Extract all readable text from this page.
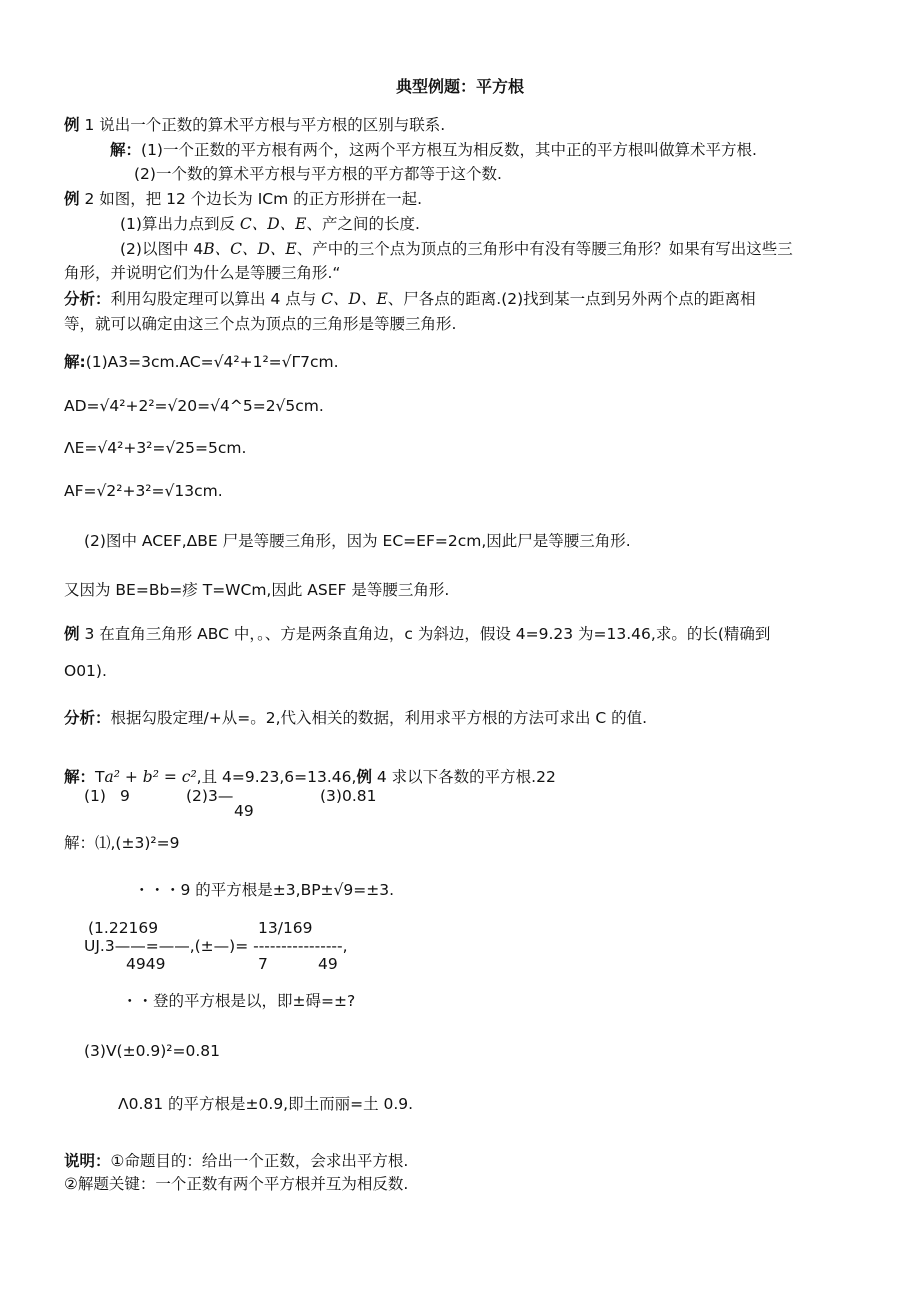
典型例题：平方根
例 1 说出一个正数的算术平方根与平方根的区别与联系.
解：(1)一个正数的平方根有两个，这两个平方根互为相反数，其中正的平方根叫做算术平方根.
(2)一个数的算术平方根与平方根的平方都等于这个数.
例 2 如图，把 12 个边长为 ICm 的正方形拼在一起.
(1)算出力点到反 C、D、E、产之间的长度.
(2)以图中 4B、C、D、E、产中的三个点为顶点的三角形中有没有等腰三角形？如果有写出这些三
角形，并说明它们为什么是等腰三角形.“
分析：利用勾股定理可以算出 4 点与 C、D、E、尸各点的距离.(2)找到某一点到另外两个点的距离相
等，就可以确定由这三个点为顶点的三角形是等腰三角形.
解:(1)A3=3cm.AC=√4²+1²=√Γ7cm.
AD=√4²+2²=√20=√4^5=2√5cm.
ΛE=√4²+3²=√25=5cm.
AF=√2²+3²=√13cm.
(2)图中 ACEF,ΔBE 尸是等腰三角形，因为 EC=EF=2cm,因此尸是等腰三角形.
又因为 BE=Bb=疹 T=WCm,因此 ASEF 是等腰三角形.
例 3 在直角三角形 ABC 中，。、方是两条直角边，c 为斜边，假设 4=9.23 为=13.46,求。的长(精确到
O01).
分析：根据勾股定理/+从=。2,代入相关的数据，利用求平方根的方法可求出 C 的值.
解：Ta² + b² = c²,且 4=9.23,6=13.46,例 4 求以下各数的平方根.22
(1) 9	(2)3—
49
(3)0.81
解：⑴,(±3)²=9
・・・9 的平方根是±3,BP±√9=±3.
(1.22169	13/169
UJ.3——=——,(±—)= ----------------,
4949	7	49
・・登的平方根是以，即±碍=±?
(3)V(±0.9)²=0.81
Λ0.81 的平方根是±0.9,即土而丽=土 0.9.
说明：①命题目的：给出一个正数，会求出平方根.
②解题关键：一个正数有两个平方根并互为相反数.
